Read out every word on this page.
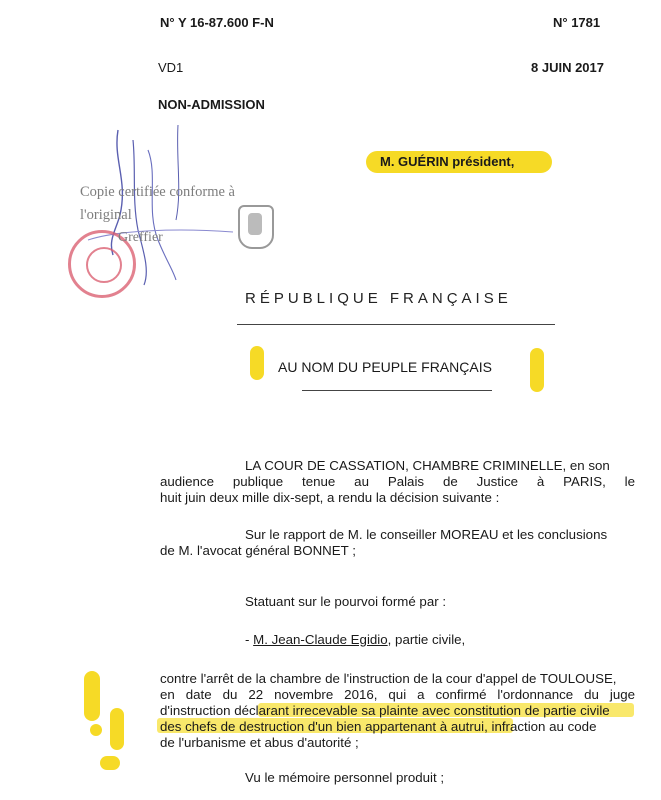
N° Y 16-87.600 F-N	N° 1781
VD1	8 JUIN 2017
NON-ADMISSION
M. GUÉRIN président,
Copie certifiée conforme à
l'original
Greffier
RÉPUBLIQUE FRANÇAISE
AU NOM DU PEUPLE FRANÇAIS
LA COUR DE CASSATION, CHAMBRE CRIMINELLE, en son
audience publique tenue au Palais de Justice à PARIS, le
huit juin deux mille dix-sept, a rendu la décision suivante :
Sur le rapport de M. le conseiller MOREAU et les conclusions
de M. l'avocat général BONNET ;
Statuant sur le pourvoi formé par :
- M. Jean-Claude Egidio, partie civile,
contre l'arrêt de la chambre de l'instruction de la cour d'appel de TOULOUSE,
en date du 22 novembre 2016, qui a confirmé l'ordonnance du juge
d'instruction déclarant irrecevable sa plainte avec constitution de partie civile
des chefs de destruction d'un bien appartenant à autrui, infraction au code
de l'urbanisme et abus d'autorité ;
Vu le mémoire personnel produit ;
